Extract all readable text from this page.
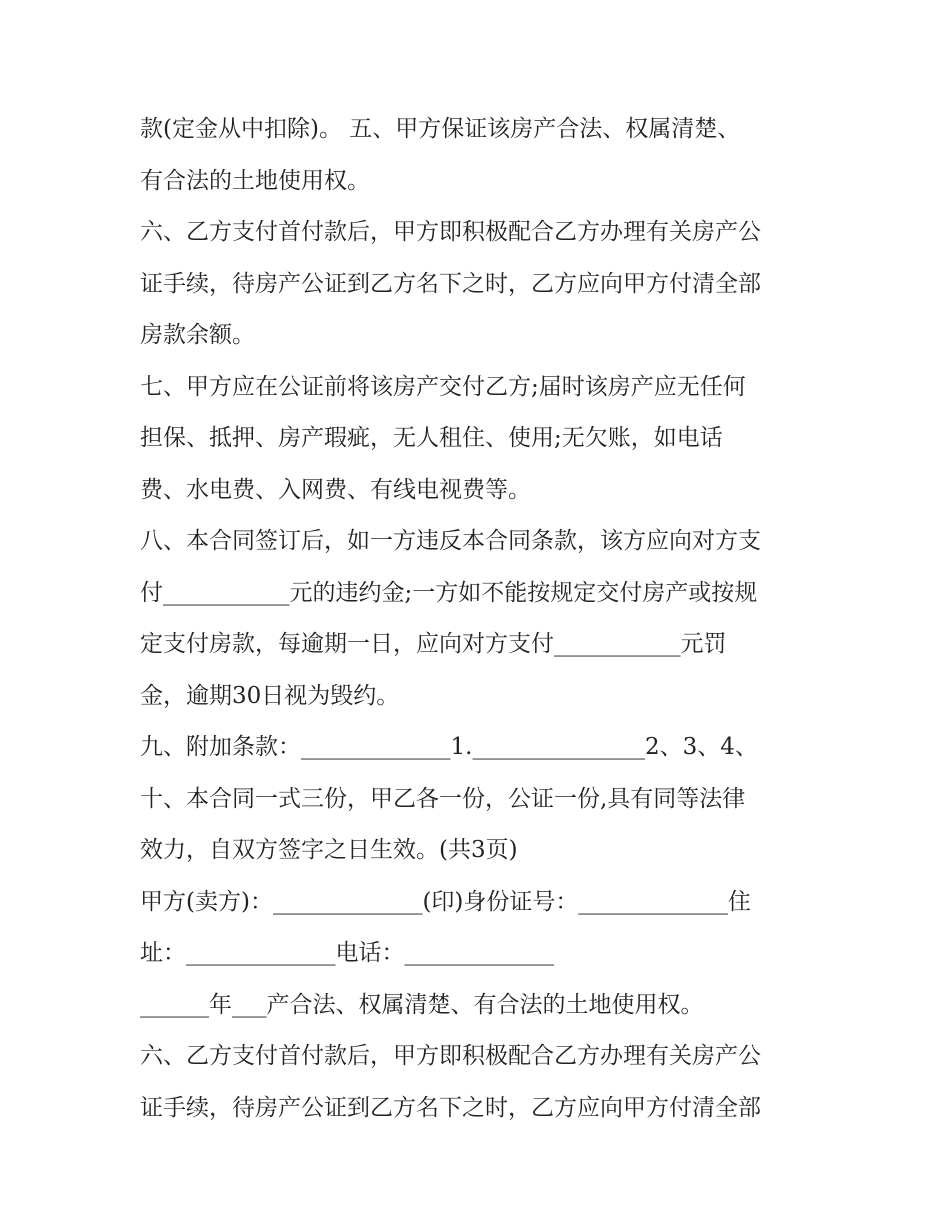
款(定金从中扣除)。 五、甲方保证该房产合法、权属清楚、
有合法的土地使用权。
六、乙方支付首付款后，甲方即积极配合乙方办理有关房产公
证手续，待房产公证到乙方名下之时，乙方应向甲方付清全部
房款余额。
七、甲方应在公证前将该房产交付乙方;届时该房产应无任何
担保、抵押、房产瑕疵，无人租住、使用;无欠账，如电话
费、水电费、入网费、有线电视费等。
八、本合同签订后，如一方违反本合同条款，该方应向对方支
付___________元的违约金;一方如不能按规定交付房产或按规
定支付房款，每逾期一日，应向对方支付___________元罚
金，逾期30日视为毁约。
九、附加条款：_____________1._______________2、3、4、
十、本合同一式三份，甲乙各一份，公证一份,具有同等法律
效力，自双方签字之日生效。(共3页)
甲方(卖方)：_____________(印)身份证号：_____________住
址：_____________电话：_____________
______年___产合法、权属清楚、有合法的土地使用权。
六、乙方支付首付款后，甲方即积极配合乙方办理有关房产公
证手续，待房产公证到乙方名下之时，乙方应向甲方付清全部
